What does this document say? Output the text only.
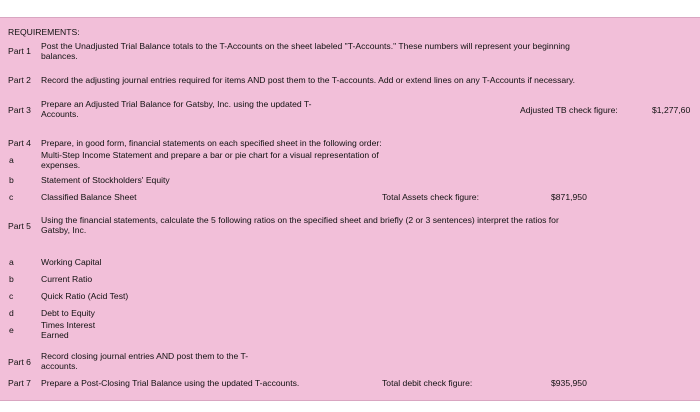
REQUIREMENTS:
Part 1 Post the Unadjusted Trial Balance totals to the T-Accounts on the sheet labeled "T-Accounts." These numbers will represent your beginning
balances.
Part 2 Record the adjusting journal entries required for items AND post them to the T-accounts. Add or extend lines on any T-Accounts if necessary.
Part 3
Prepare an Adjusted Trial Balance for Gatsby, Inc. using the updated T-
Accounts.	Adjusted TB check figure:	$1,277,60
Part 4 Prepare, in good form, financial statements on each specified sheet in the following order:
a	Multi-Step Income Statement and prepare a bar or pie chart for a visual representation of
expenses.
b	Statement of Stockholders' Equity
c	Classified Balance Sheet	Total Assets check figure:	$871,950
Part 5
Using the financial statements, calculate the 5 following ratios on the specified sheet and briefly (2 or 3 sentences) interpret the ratios for
Gatsby, Inc.
a	Working Capital
b	Current Ratio
c	Quick Ratio (Acid Test)
d	Debt to Equity
e	Times Interest
Earned
Part 6
Record closing journal entries AND post them to the T-
accounts.
Part 7 Prepare a Post-Closing Trial Balance using the updated T-accounts.	Total debit check figure:	$935,950
